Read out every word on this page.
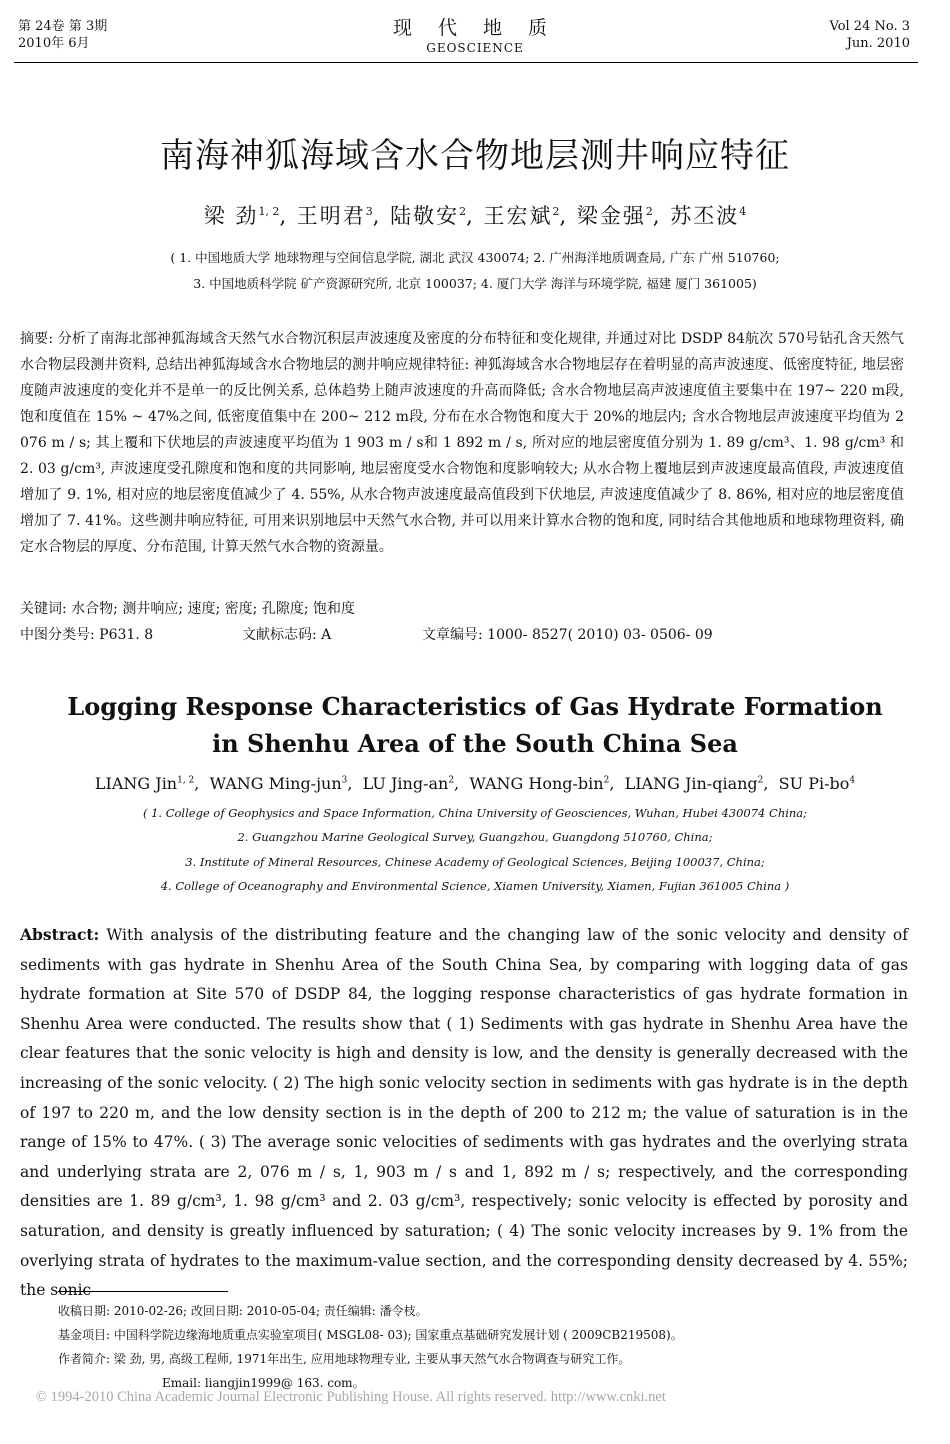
第 24卷 第 3期
2010年 6月
现 代 地 质
GEOSCIENCE
Vol 24 No. 3
Jun. 2010
南海神狐海域含水合物地层测井响应特征
梁 劲$^{1, 2}$, 王明君$^3$, 陆敬安$^2$, 王宏斌$^2$, 梁金强$^2$, 苏丕波$^4$
( 1. 中国地质大学 地球物理与空间信息学院, 湖北 武汉 430074; 2. 广州海洋地质调查局, 广东 广州 510760;
3. 中国地质科学院 矿产资源研究所, 北京 100037; 4. 厦门大学 海洋与环境学院, 福建 厦门 361005)
摘要: 分析了南海北部神狐海域含天然气水合物沉积层声波速度及密度的分布特征和变化规律, 并通过对比 DSDP 84航次 570号钻孔含天然气水合物层段测井资料, 总结出神狐海域含水合物地层的测井响应规律特征: 神狐海域含水合物地层存在着明显的高声波速度、低密度特征, 地层密度随声波速度的变化并不是单一的反比例关系, 总体趋势上随声波速度的升高而降低; 含水合物地层高声波速度值主要集中在 197~ 220 m段, 饱和度值在 15% ~ 47%之间, 低密度值集中在 200~ 212 m段, 分布在水合物饱和度大于 20%的地层内; 含水合物地层声波速度平均值为 2 076 m / s; 其上覆和下伏地层的声波速度平均值为 1 903 m / s和 1 892 m / s, 所对应的地层密度值分别为 1. 89 g/cm³、1. 98 g/cm³ 和 2. 03 g/cm³, 声波速度受孔隙度和饱和度的共同影响, 地层密度受水合物饱和度影响较大; 从水合物上覆地层到声波速度最高值段, 声波速度值增加了 9. 1%, 相对应的地层密度值减少了 4. 55%, 从水合物声波速度最高值段到下伏地层, 声波速度值减少了 8. 86%, 相对应的地层密度值增加了 7. 41%。这些测井响应特征, 可用来识别地层中天然气水合物, 并可以用来计算水合物的饱和度, 同时结合其他地质和地球物理资料, 确定水合物层的厚度、分布范围, 计算天然气水合物的资源量。
关键词: 水合物; 测井响应; 速度; 密度; 孔隙度; 饱和度
中图分类号: P631. 8	文献标志码: A	文章编号: 1000- 8527( 2010) 03- 0506- 09
Logging Response Characteristics of Gas Hydrate Formation
in Shenhu Area of the South China Sea
LIANG Jin$^{1, 2}$,  WANG Ming-jun$^3$,  LU Jing-$an^2$,  WANG Hong-bin$^2$,  LIANG Jin-qiang$^2$,  SU $Pi-bo^4$
( 1. College of Geophysics and Space Information, China University of Geosciences, Wuhan, Hubei 430074 China;
2. Guangzhou Marine Geological Survey, Guangzhou, Guangdong 510760, China;
3. Institute of Mineral Resources, Chinese Academy of Geological Sciences, Beijing 100037, China;
4. College of Oceanography and Environmental Science, Xiamen University, Xiamen, Fujian 361005 China )
Abstract: With analysis of the distributing feature and the changing law of the sonic velocity and density of sediments with gas hydrate in Shenhu Area of the South China Sea, by comparing with logging data of gas hydrate formation at Site 570 of DSDP 84, the logging response characteristics of gas hydrate formation in Shenhu Area were conducted. The results show that ( 1) Sediments with gas hydrate in Shenhu Area have the clear features that the sonic velocity is high and density is low, and the density is generally decreased with the increasing of the sonic velocity. ( 2) The high sonic velocity section in sediments with gas hydrate is in the depth of 197 to 220 m, and the low density section is in the depth of 200 to 212 m; the value of saturation is in the range of 15% to 47%. ( 3) The average sonic velocities of sediments with gas hydrates and the overlying strata and underlying strata are 2, 076 m / s, 1, 903 m / s and 1, 892 m / s; respectively, and the corresponding densities are 1. 89 g/cm³, 1. 98 g/cm³ and 2. 03 g/cm³, respectively; sonic velocity is effected by porosity and saturation, and density is greatly influenced by saturation; ( 4) The sonic velocity increases by 9. 1% from the overlying strata of hydrates to the maximum-value section, and the corresponding density decreased by 4. 55%; the sonic
收稿日期: 2010-02-26; 改回日期: 2010-05-04; 责任编辑: 潘令枝。
基金项目: 中国科学院边缘海地质重点实验室项目( MSGL08- 03); 国家重点基础研究发展计划 ( 2009CB219508)。
作者简介: 梁 劲, 男, 高级工程师, 1971年出生, 应用地球物理专业, 主要从事天然气水合物调查与研究工作。
Email: liangjin1999@ 163. com。
© 1994-2010 China Academic Journal Electronic Publishing House. All rights reserved. http://www.cnki.net
